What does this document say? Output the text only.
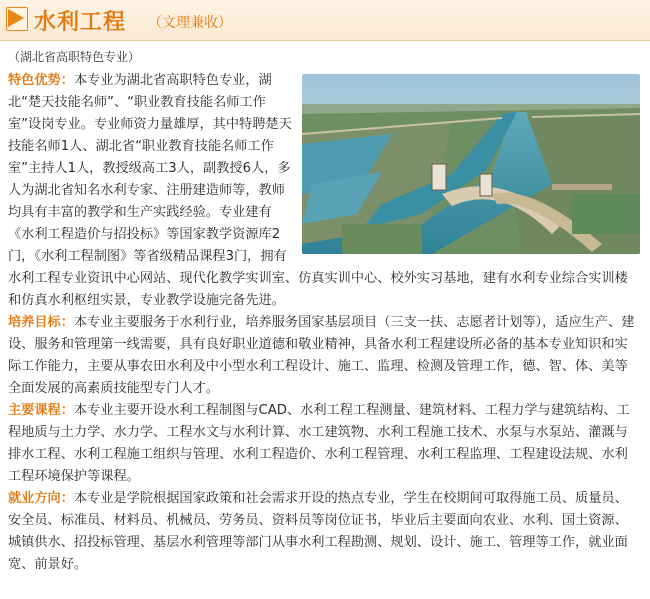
水利工程 （文理兼收）
（湖北省高职特色专业）

特色优势：本专业为湖北省高职特色专业，湖北“楚天技能名师”、“职业教育技能名师工作室”设岗专业。专业师资力量雄厚，其中特聘楚天技能名师1人、湖北省“职业教育技能名师工作室”主持人1人，教授级高工3人，副教授6人，多人为湖北省知名水利专家、注册建造师等，教师均具有丰富的教学和生产实践经验。专业建有《水利工程造价与招投标》等国家教学资源库2门，《水利工程制图》等省级精品课程3门，拥有水利工程专业资讯中心网站、现代化教学实训室、仿真实训中心、校外实习基地，建有水利专业综合实训楼和仿真水利枢纽实景，专业教学设施完备先进。

培养目标：本专业主要服务于水利行业，培养服务国家基层项目（三支一扶、志愿者计划等），适应生产、建设、服务和管理第一线需要，具有良好职业道德和敬业精神，具备水利工程建设所必备的基本专业知识和实际工作能力，主要从事农田水利及中小型水利工程设计、施工、监理、检测及管理工作，德、智、体、美等全面发展的高素质技能型专门人才。

主要课程：本专业主要开设水利工程制图与CAD、水利工程工程测量、建筑材料、工程力学与建筑结构、工程地质与土力学、水力学、工程水文与水利计算、水工建筑物、水利工程施工技术、水泵与水泵站、灌溉与排水工程、水利工程施工组织与管理、水利工程造价、水利工程管理、水利工程监理、工程建设法规、水利工程环境保护等课程。

就业方向：本专业是学院根据国家政策和社会需求开设的热点专业，学生在校期间可取得施工员、质量员、安全员、标准员、材料员、机械员、劳务员、资料员等岗位证书，毕业后主要面向农业、水利、国土资源、城镇供水、招投标管理、基层水利管理等部门从事水利工程勘测、规划、设计、施工、管理等工作，就业面宽、前景好。
